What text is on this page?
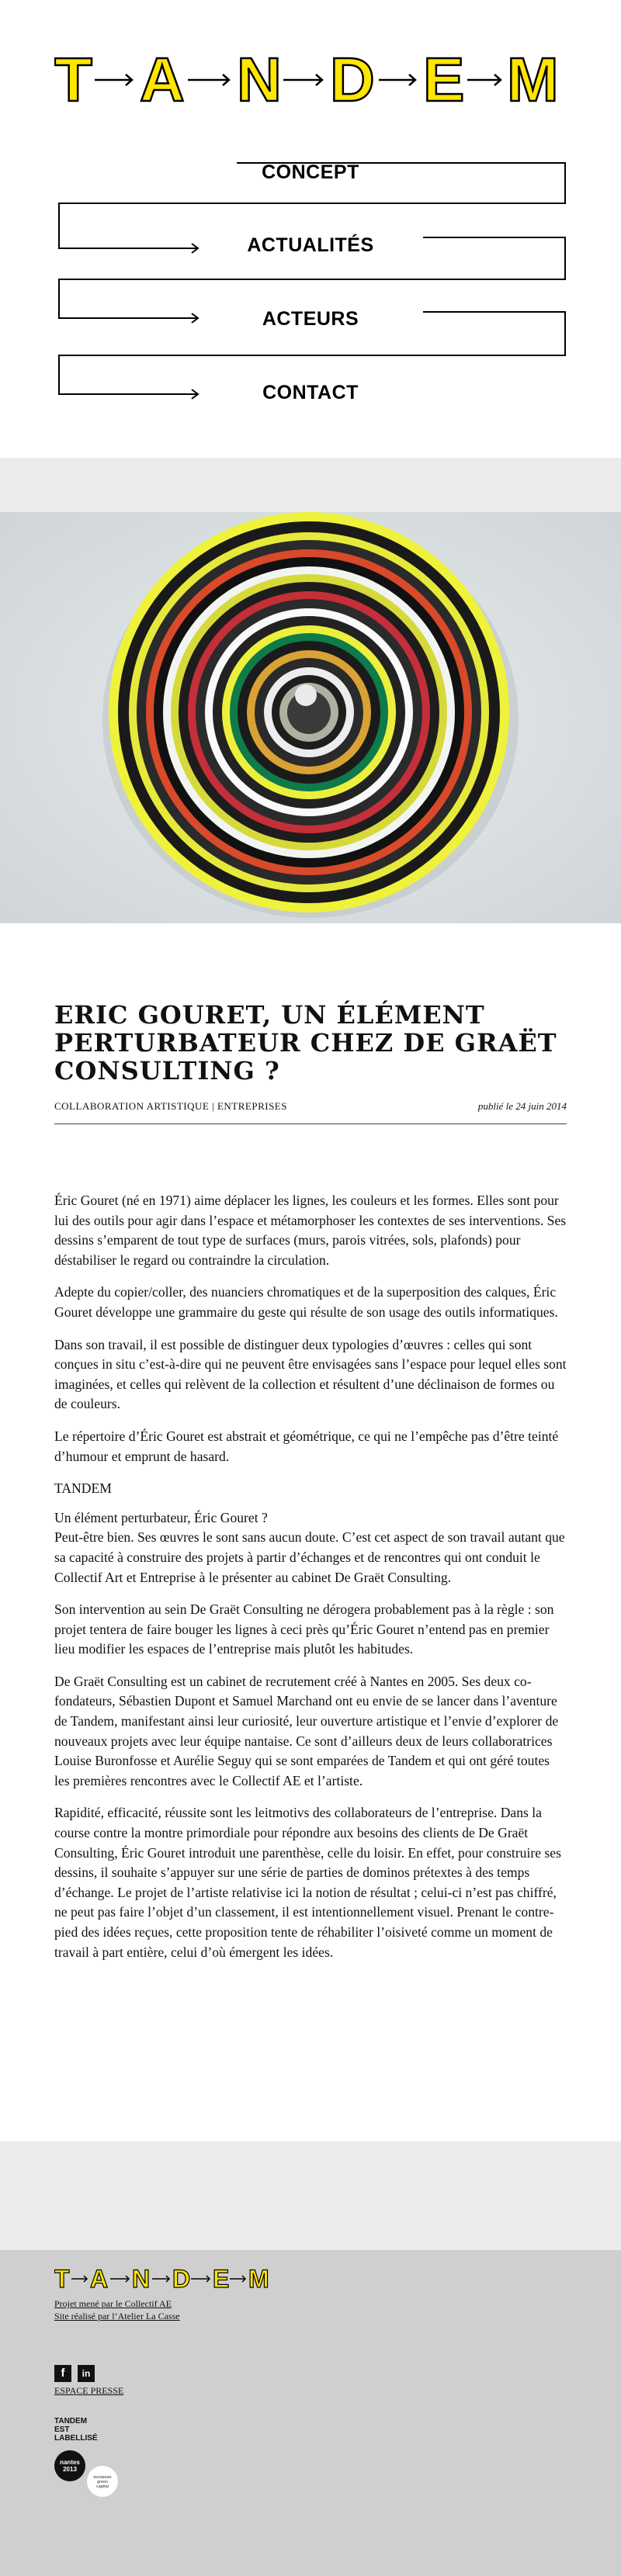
T A N D E M
CONCEPT
ACTUALITÉS
ACTEURS
CONTACT
ERIC GOURET, UN ÉLÉMENT PERTURBATEUR CHEZ DE GRAËT CONSULTING ?
COLLABORATION ARTISTIQUE | ENTREPRISES	publié le 24 juin 2014

Éric Gouret (né en 1971) aime déplacer les lignes, les couleurs et les formes. Elles sont pour lui des outils pour agir dans l’espace et métamorphoser les contextes de ses interventions. Ses dessins s’emparent de tout type de surfaces (murs, parois vitrées, sols, plafonds) pour déstabiliser le regard ou contraindre la circulation.

Adepte du copier/coller, des nuanciers chromatiques et de la superposition des calques, Éric Gouret développe une grammaire du geste qui résulte de son usage des outils informatiques.

Dans son travail, il est possible de distinguer deux typologies d’œuvres : celles qui sont conçues in situ c’est-à-dire qui ne peuvent être envisagées sans l’espace pour lequel elles sont imaginées, et celles qui relèvent de la collection et résultent d’une déclinaison de formes ou de couleurs.

Le répertoire d’Éric Gouret est abstrait et géométrique, ce qui ne l’empêche pas d’être teinté d’humour et emprunt de hasard.

TANDEM

Un élément perturbateur, Éric Gouret ?
Peut-être bien. Ses œuvres le sont sans aucun doute. C’est cet aspect de son travail autant que sa capacité à construire des projets à partir d’échanges et de rencontres qui ont conduit le Collectif Art et Entreprise à le présenter au cabinet De Graët Consulting.

Son intervention au sein De Graët Consulting ne dérogera probablement pas à la règle : son projet tentera de faire bouger les lignes à ceci près qu’Éric Gouret n’entend pas en premier lieu modifier les espaces de l’entreprise mais plutôt les habitudes.

De Graët Consulting est un cabinet de recrutement créé à Nantes en 2005. Ses deux co-fondateurs, Sébastien Dupont et Samuel Marchand ont eu envie de se lancer dans l’aventure de Tandem, manifestant ainsi leur curiosité, leur ouverture artistique et l’envie d’explorer de nouveaux projets avec leur équipe nantaise. Ce sont d’ailleurs deux de leurs collaboratrices Louise Buronfosse et Aurélie Seguy qui se sont emparées de Tandem et qui ont géré toutes les premières rencontres avec le Collectif AE et l’artiste.

Rapidité, efficacité, réussite sont les leitmotivs des collaborateurs de l’entreprise. Dans la course contre la montre primordiale pour répondre aux besoins des clients de De Graët Consulting, Éric Gouret introduit une parenthèse, celle du loisir. En effet, pour construire ses dessins, il souhaite s’appuyer sur une série de parties de dominos prétextes à des temps d’échange. Le projet de l’artiste relativise ici la notion de résultat ; celui-ci n’est pas chiffré, ne peut pas faire l’objet d’un classement, il est intentionnellement visuel. Prenant le contre-pied des idées reçues, cette proposition tente de réhabiliter l’oisiveté comme un moment de travail à part entière, celui d’où émergent les idées.

T A N D E M
Projet mené par le Collectif AE
Site réalisé par l’Atelier La Casse
f	in
ESPACE PRESSE
TANDEM
EST
LABELLISÉ
nantes
2013
european
green
capital
